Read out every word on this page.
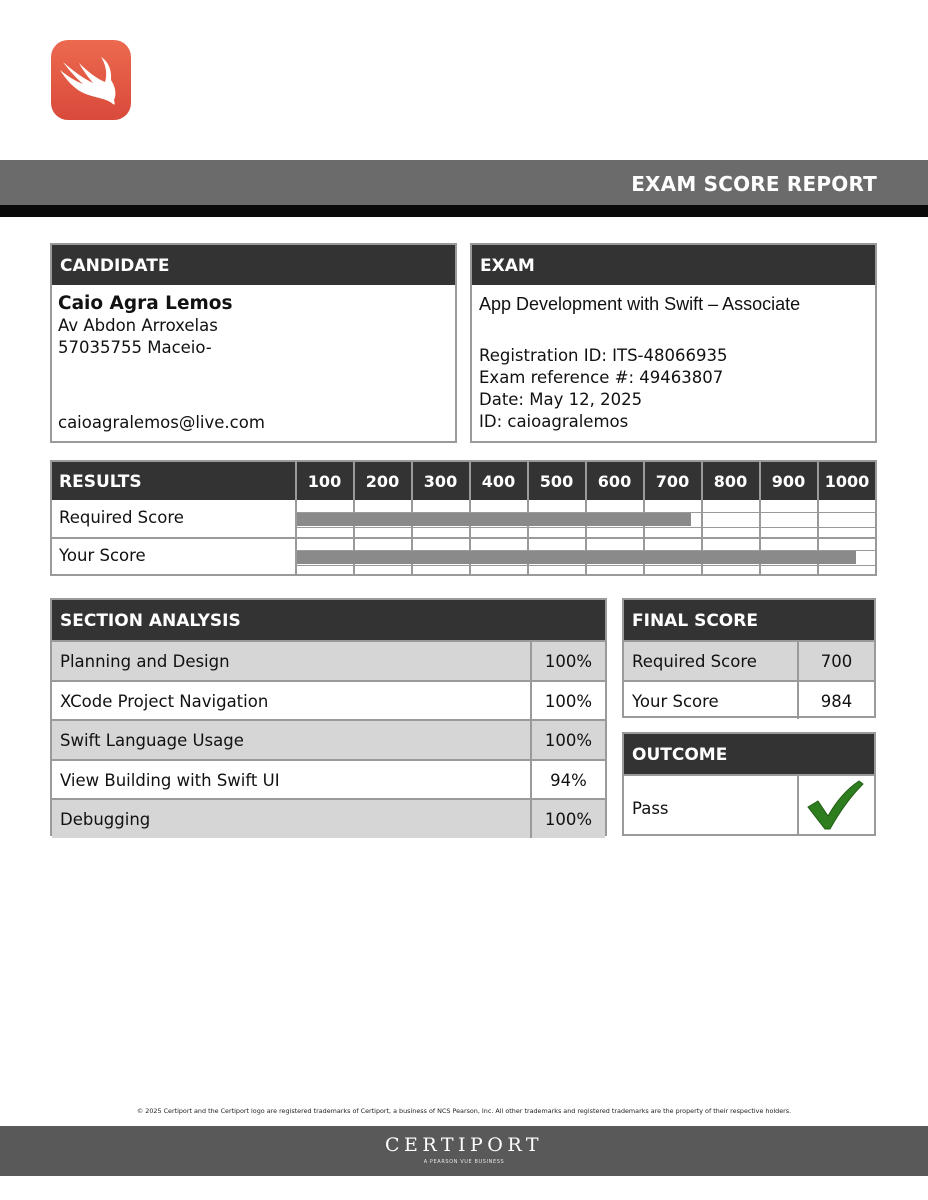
EXAM SCORE REPORT
CANDIDATE
Caio Agra Lemos
Av Abdon Arroxelas
57035755 Maceio-
caioagralemos@live.com
EXAM
App Development with Swift – Associate
Registration ID: ITS-48066935
Exam reference #: 49463807
Date: May 12, 2025
ID: caioagralemos
RESULTS	100	200	300	400	500	600	700	800	900	1000
Required Score
Your Score
SECTION ANALYSIS
Planning and Design	100%
XCode Project Navigation	100%
Swift Language Usage	100%
View Building with Swift UI	94%
Debugging	100%
FINAL SCORE
Required Score	700
Your Score	984
OUTCOME
Pass
© 2025 Certiport and the Certiport logo are registered trademarks of Certiport, a business of NCS Pearson, Inc. All other trademarks and registered trademarks are the property of their respective holders.
CERTIPORT
A PEARSON VUE BUSINESS
